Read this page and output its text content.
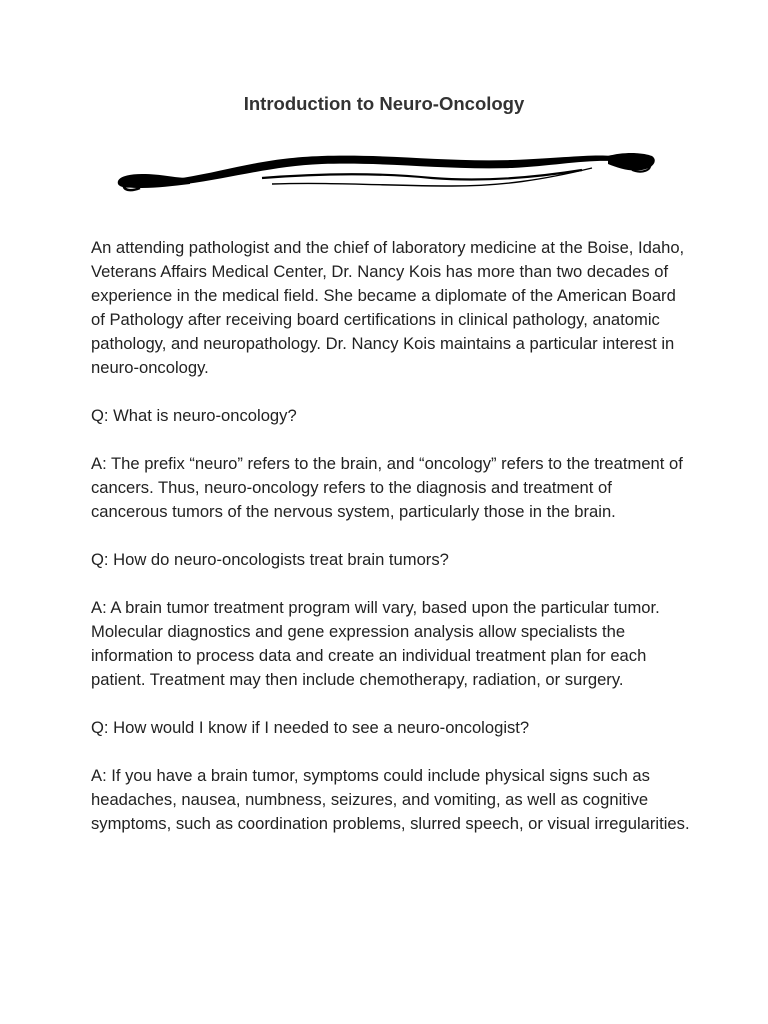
Introduction to Neuro-Oncology

An attending pathologist and the chief of laboratory medicine at the Boise, Idaho, Veterans Affairs Medical Center, Dr. Nancy Kois has more than two decades of experience in the medical field. She became a diplomate of the American Board of Pathology after receiving board certifications in clinical pathology, anatomic pathology, and neuropathology. Dr. Nancy Kois maintains a particular interest in neuro-oncology.

Q: What is neuro-oncology?

A: The prefix “neuro” refers to the brain, and “oncology” refers to the treatment of cancers. Thus, neuro-oncology refers to the diagnosis and treatment of cancerous tumors of the nervous system, particularly those in the brain.

Q: How do neuro-oncologists treat brain tumors?

A: A brain tumor treatment program will vary, based upon the particular tumor. Molecular diagnostics and gene expression analysis allow specialists the information to process data and create an individual treatment plan for each patient. Treatment may then include chemotherapy, radiation, or surgery.

Q: How would I know if I needed to see a neuro-oncologist?

A: If you have a brain tumor, symptoms could include physical signs such as headaches, nausea, numbness, seizures, and vomiting, as well as cognitive symptoms, such as coordination problems, slurred speech, or visual irregularities.
